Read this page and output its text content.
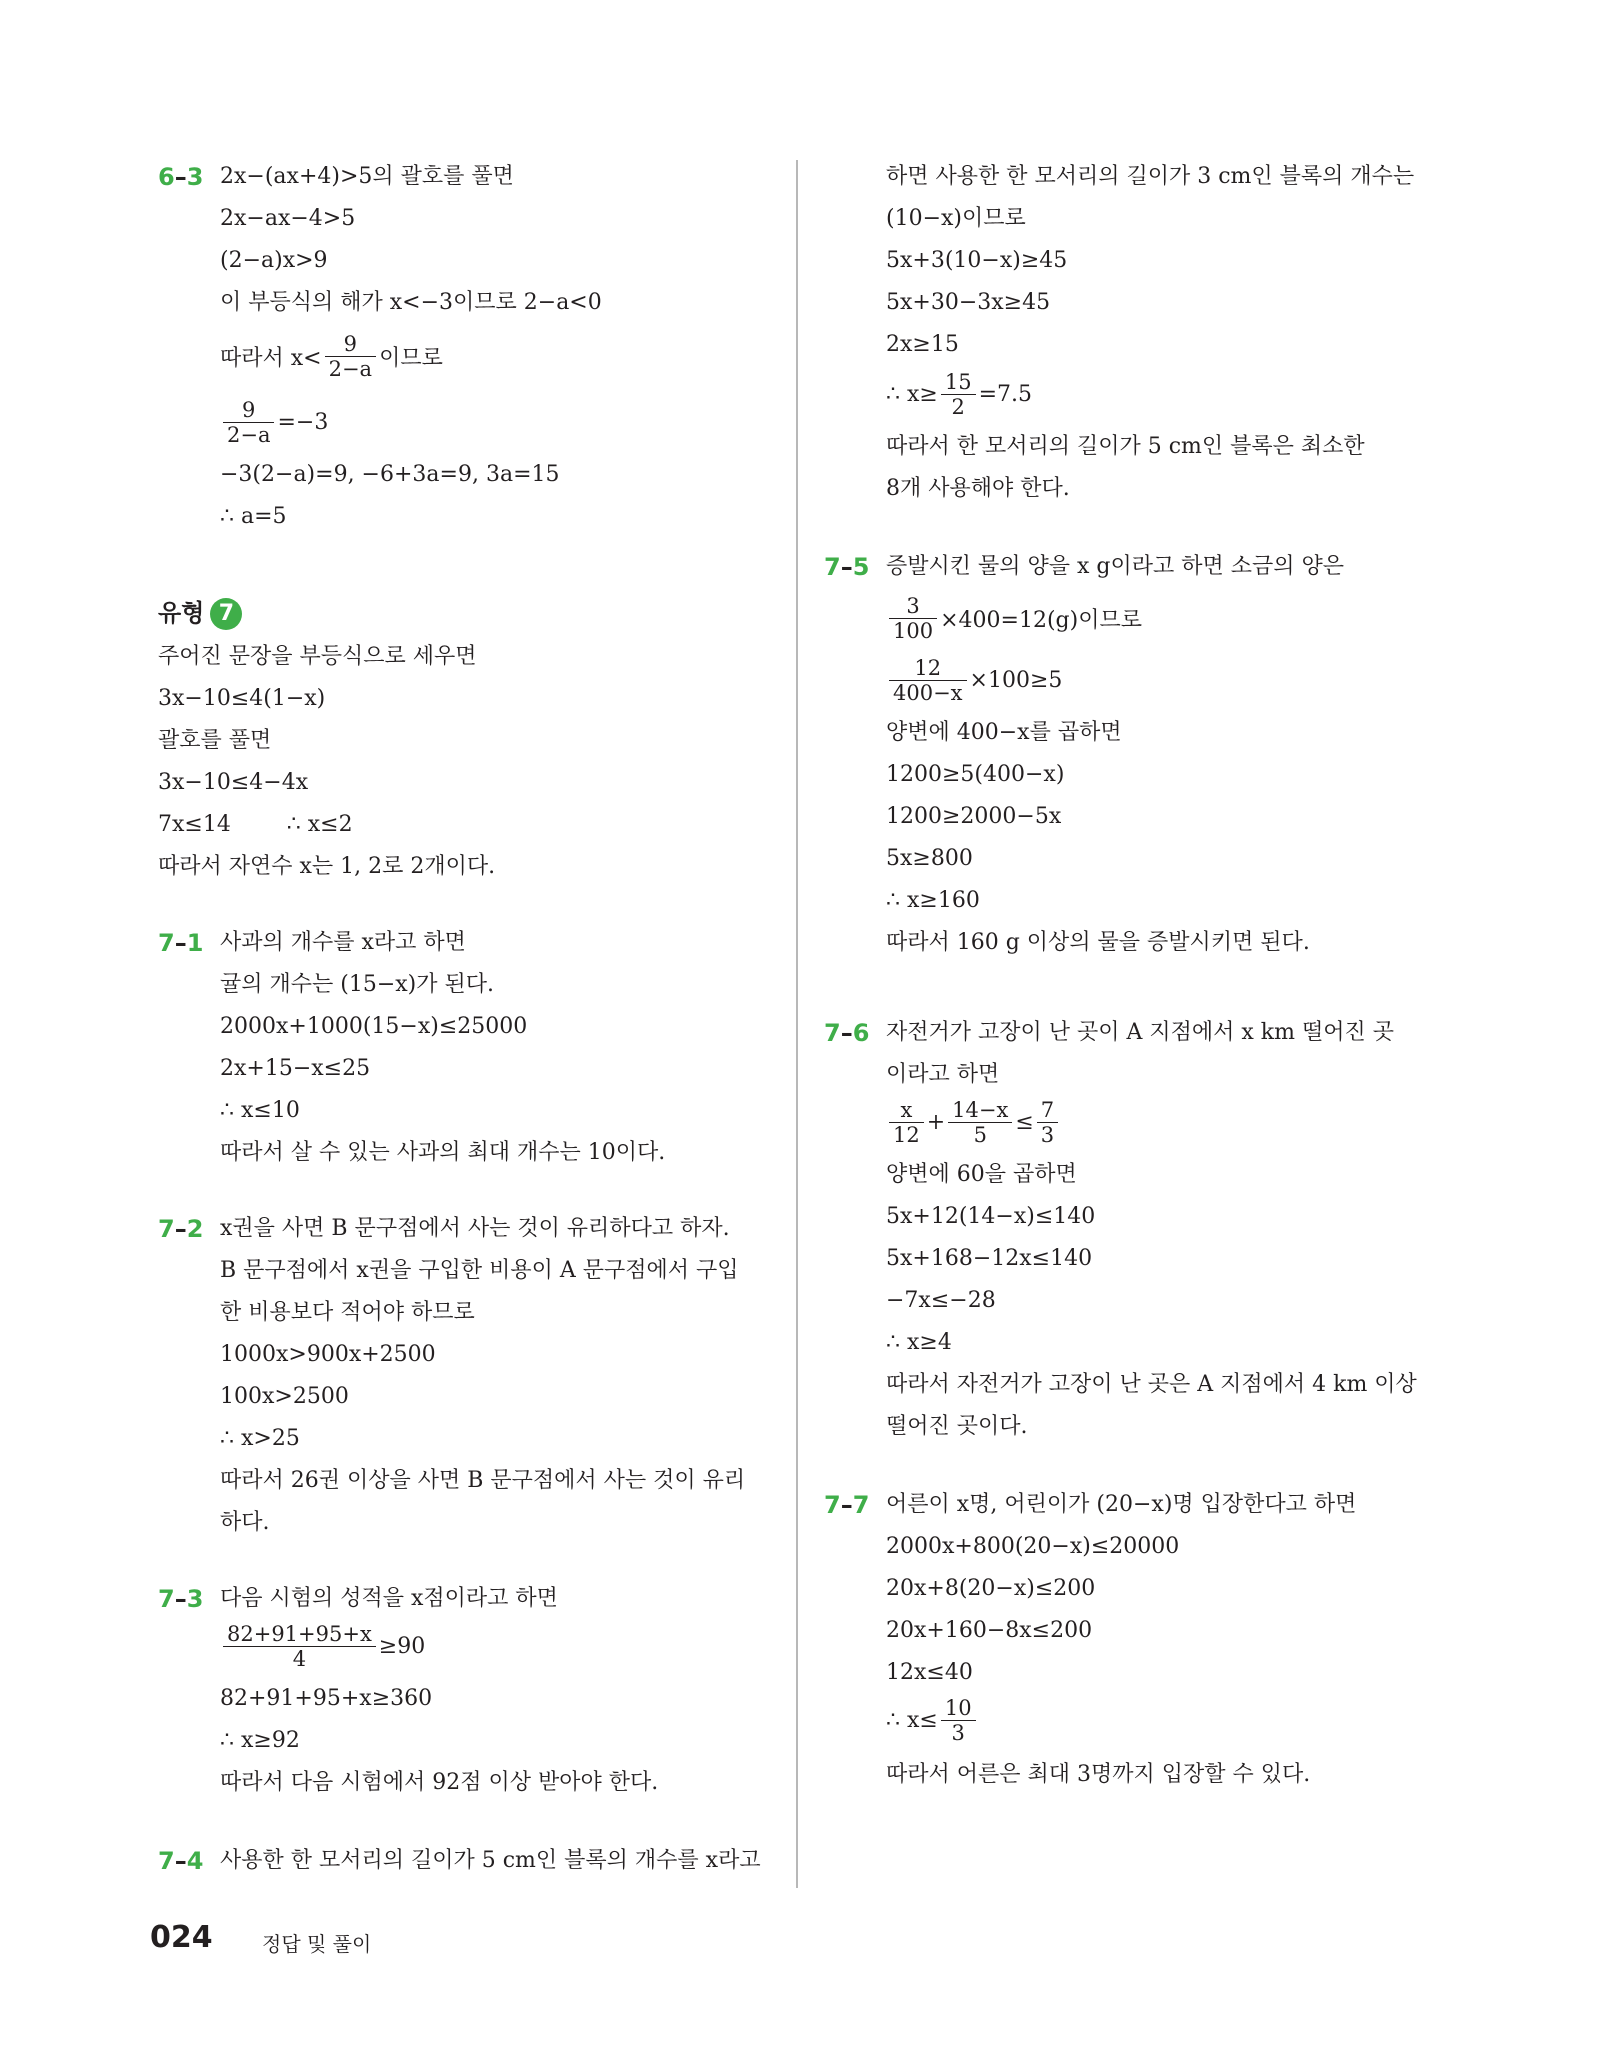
6–3 2x−(ax+4)>5의 괄호를 풀면
2x−ax−4>5
(2−a)x>9
이 부등식의 해가 x<−3이므로 2−a<0
따라서 $x< \frac{9}{2-a}$ 이므로
$\frac{9}{2-a} =-3$
−3(2−a)=9, −6+3a=9, 3a=15
∴ a=5
유형 7
주어진 문장을 부등식으로 세우면
3x−10≤4(1−x)
괄호를 풀면
3x−10≤4−4x
7x≤14        ∴ x≤2
따라서 자연수 x는 1, 2로 2개이다.
7–1 사과의 개수를 x라고 하면
귤의 개수는 (15−x)가 된다.
2000x+1000(15−x)≤25000
2x+15−x≤25
∴ x≤10
따라서 살 수 있는 사과의 최대 개수는 10이다.
7–2 x권을 사면 B 문구점에서 사는 것이 유리하다고 하자.
B 문구점에서 x권을 구입한 비용이 A 문구점에서 구입
한 비용보다 적어야 하므로
1000x>900x+2500
100x>2500
∴ x>25
따라서 26권 이상을 사면 B 문구점에서 사는 것이 유리
하다.
7–3 다음 시험의 성적을 x점이라고 하면
$\frac{82+91+95+x}{4} \ge 90$
82+91+95+x≥360
∴ x≥92
따라서 다음 시험에서 92점 이상 받아야 한다.
7–4 사용한 한 모서리의 길이가 5 cm인 블록의 개수를 x라고
하면 사용한 한 모서리의 길이가 3 cm인 블록의 개수는
(10−x)이므로
5x+3(10−x)≥45
5x+30−3x≥45
2x≥15
∴ $x\ge \frac{15}{2} =7.5$
따라서 한 모서리의 길이가 5 cm인 블록은 최소한
8개 사용해야 한다.
7–5 증발시킨 물의 양을 x g이라고 하면 소금의 양은
$\frac{3}{100} \times 400=12(g)$이므로
$\frac{12}{400-x} \times 100\ge 5$
양변에 400−x를 곱하면
1200≥5(400−x)
1200≥2000−5x
5x≥800
∴ x≥160
따라서 160 g 이상의 물을 증발시키면 된다.
7–6 자전거가 고장이 난 곳이 A 지점에서 x km 떨어진 곳
이라고 하면
$\frac{x}{12} + \frac{14-x}{5} \le \frac{7}{3}$
양변에 60을 곱하면
5x+12(14−x)≤140
5x+168−12x≤140
−7x≤−28
∴ x≥4
따라서 자전거가 고장이 난 곳은 A 지점에서 4 km 이상
떨어진 곳이다.
7–7 어른이 x명, 어린이가 (20−x)명 입장한다고 하면
2000x+800(20−x)≤20000
20x+8(20−x)≤200
20x+160−8x≤200
12x≤40
∴ $x\le \frac{10}{3}$
따라서 어른은 최대 3명까지 입장할 수 있다.
024 정답 및 풀이
